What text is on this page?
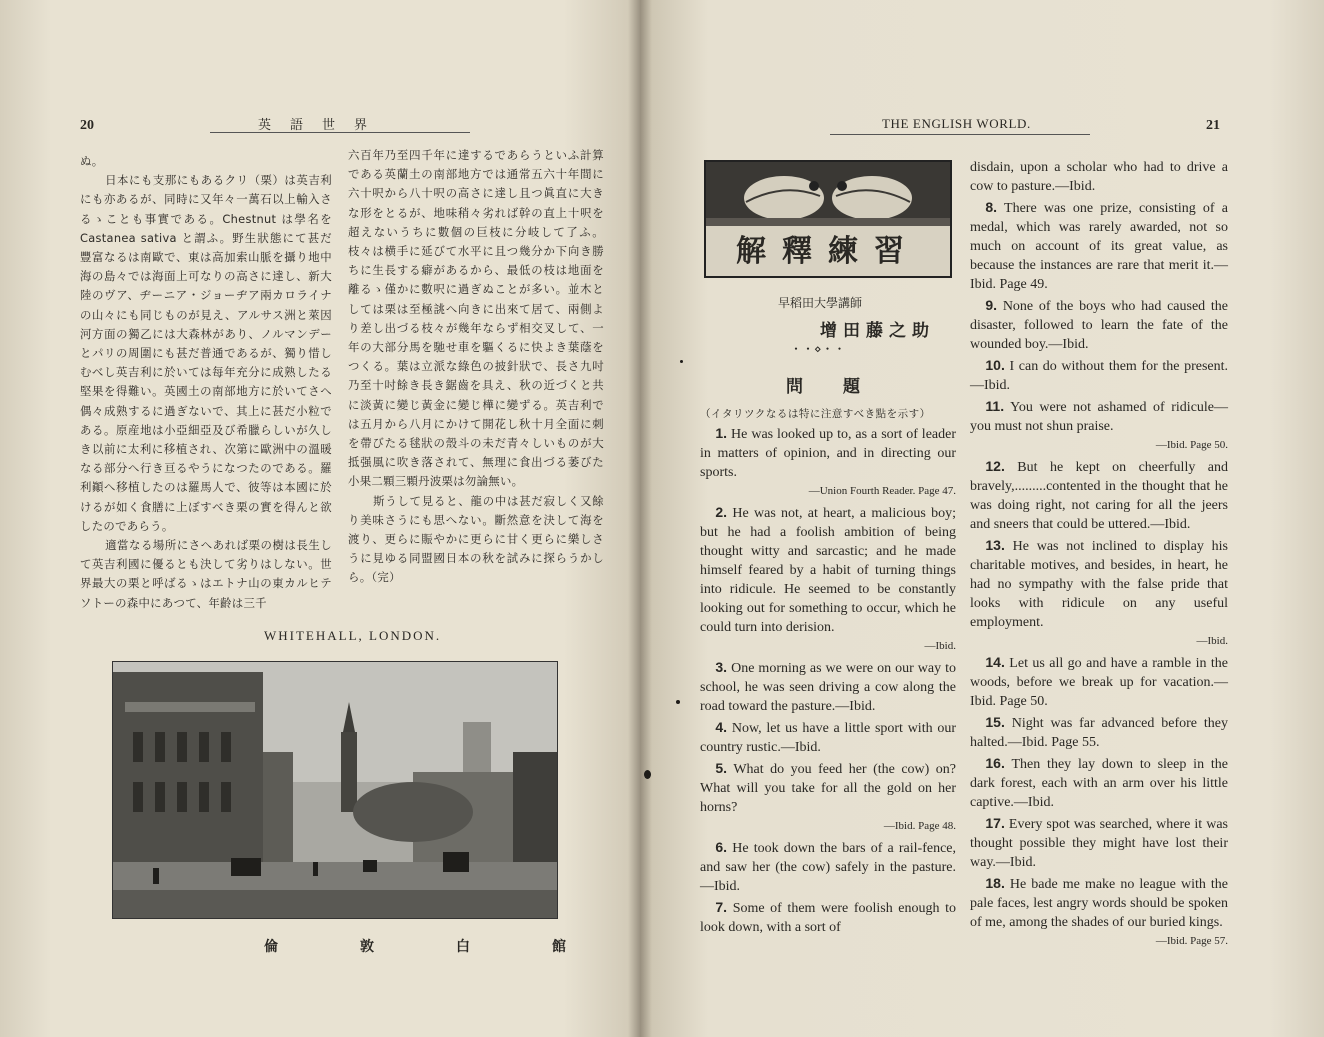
20	英　語　世　界

ぬ。

日本にも支那にもあるクリ（栗）は英吉利にも亦あるが、同時に又年々一萬石以上輸入さるゝことも事實である。Chestnut は學名を Castanea sativa と謂ふ。野生狀態にて甚だ豐富なるは南歐で、東は高加索山脈を攝り地中海の島々では海面上可なりの高さに達し、新大陸のヴア、ヂーニア・ジョーヂア兩カロライナの山々にも同じものが見え、アルサス洲と萊因河方面の獨乙には大森林があり、ノルマンデーとパリの周圍にも甚だ普通であるが、獨り惜しむべし英吉利に於いては每年充分に成熟したる堅果を得難い。英國土の南部地方に於いてさへ偶々成熟するに過ぎないで、其上に甚だ小粒である。原産地は小亞細亞及び希臘らしいが久しき以前に太利に移植され、次第に歐洲中の溫暖なる部分へ行き亘るやうになつたのである。羅利顚へ移植したのは羅馬人で、彼等は本國に於けるが如く食膳に上ぼすべき栗の實を得んと欲したのであらう。

適當なる場所にさへあれば栗の樹は長生して英吉利國に優るとも決して劣りはしない。世界最大の栗と呼ばるゝはエトナ山の東カルヒテソトーの森中にあつて、年齡は三千

六百年乃至四千年に達するであらうといふ計算である英蘭土の南部地方では通常五六十年間に六十呎から八十呎の高さに達し且つ眞直に大きな形をとるが、地味稍々劣れば幹の直上十呎を超えないうちに數個の巨枝に分岐して了ふ。枝々は横手に延びて水平に且つ幾分か下向き勝ちに生長する癖があるから、最低の枝は地面を離るゝ僅かに數呎に過ぎぬことが多い。並木としては栗は至極誂へ向きに出來て居て、兩側より差し出づる枝々が幾年ならず相交叉して、一年の大部分馬を馳せ車を驅くるに快よき葉蔭をつくる。葉は立派な綠色の披針狀で、長さ九吋乃至十吋餘き長き鋸齒を具え、秋の近づくと共に淡黃に變じ黃金に變じ樺に變ずる。英吉利では五月から八月にかけて開花し秋十月全面に刺を帶びたる毬狀の殼斗の未だ青々しいものが大抵强風に吹き落されて、無理に食出づる萎びた小果二顆三顆丹波栗は勿論無い。

斯うして見ると、龍の中は甚だ寂しく又餘り美味さうにも思へない。斷然意を決して海を渡り、更らに賑やかに更らに甘く更らに樂しさうに見ゆる同盟國日本の秋を試みに探らうかしら。（完）

WHITEHALL, LONDON.
倫　敦　白　館
THE ENGLISH WORLD.	21
解釋練習
早稻田大學講師
增田藤之助
・・⋄・・
問題
（イタリツクなるは特に注意すべき點を示す）

1. He was looked up to, as a sort of leader in matters of opinion, and in directing our sports.
—Union Fourth Reader. Page 47.

2. He was not, at heart, a malicious boy; but he had a foolish ambition of being thought witty and sarcastic; and he made himself feared by a habit of turning things into ridicule. He seemed to be constantly looking out for something to occur, which he could turn into derision.
—Ibid.

3. One morning as we were on our way to school, he was seen driving a cow along the road toward the pasture.—Ibid.

4. Now, let us have a little sport with our country rustic.—Ibid.

5. What do you feed her (the cow) on? What will you take for all the gold on her horns?
—Ibid. Page 48.

6. He took down the bars of a rail-fence, and saw her (the cow) safely in the pasture.—Ibid.

7. Some of them were foolish enough to look down, with a sort of

disdain, upon a scholar who had to drive a cow to pasture.—Ibid.

8. There was one prize, consisting of a medal, which was rarely awarded, not so much on account of its great value, as because the instances are rare that merit it.—Ibid. Page 49.

9. None of the boys who had caused the disaster, followed to learn the fate of the wounded boy.—Ibid.

10. I can do without them for the present.—Ibid.

11. You were not ashamed of ridicule—you must not shun praise.
—Ibid. Page 50.

12. But he kept on cheerfully and bravely,.........contented in the thought that he was doing right, not caring for all the jeers and sneers that could be uttered.—Ibid.

13. He was not inclined to display his charitable motives, and besides, in heart, he had no sympathy with the false pride that looks with ridicule on any useful employment.
—Ibid.

14. Let us all go and have a ramble in the woods, before we break up for vacation.—Ibid. Page 50.

15. Night was far advanced before they halted.—Ibid. Page 55.

16. Then they lay down to sleep in the dark forest, each with an arm over his little captive.—Ibid.

17. Every spot was searched, where it was thought possible they might have lost their way.—Ibid.

18. He bade me make no league with the pale faces, lest angry words should be spoken of me, among the shades of our buried kings.
—Ibid. Page 57.
